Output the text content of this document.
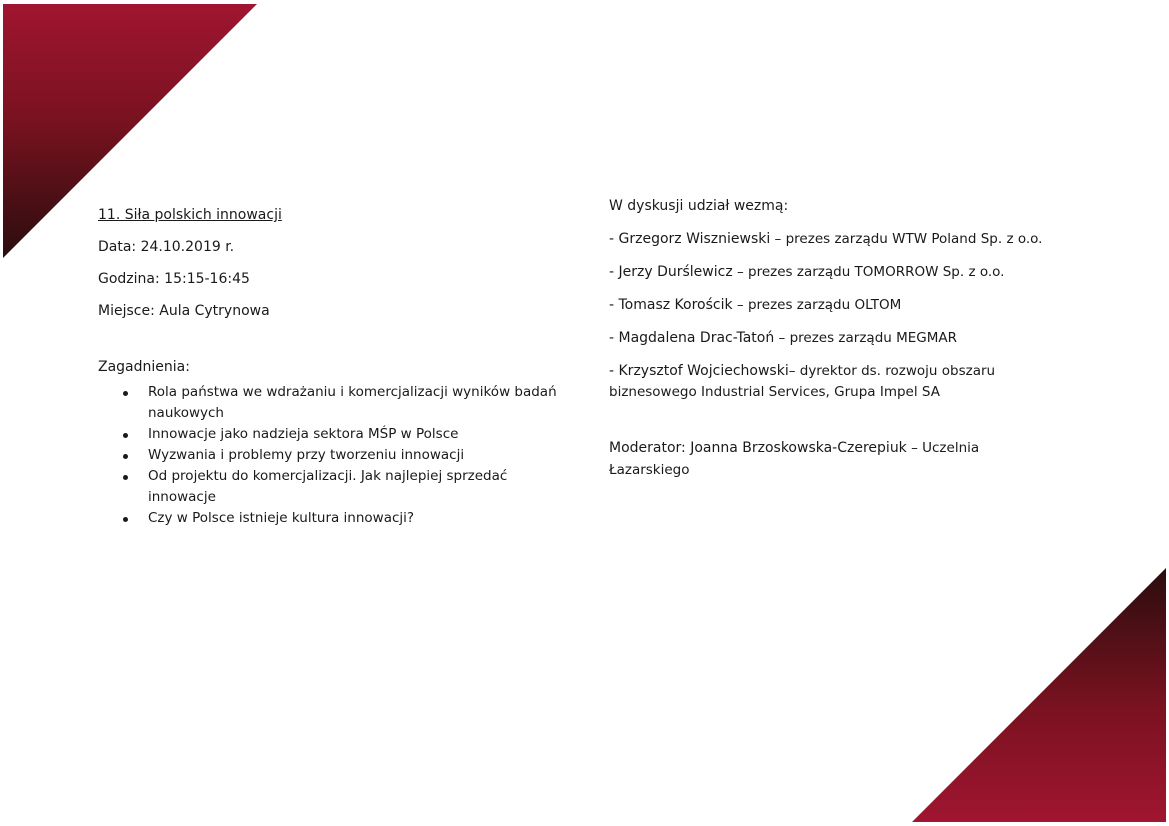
11. Siła polskich innowacji
Data: 24.10.2019 r.
Godzina: 15:15-16:45
Miejsce: Aula Cytrynowa
Zagadnienia:
Rola państwa we wdrażaniu i komercjalizacji wyników badań naukowych
Innowacje jako nadzieja sektora MŚP w Polsce
Wyzwania i problemy przy tworzeniu innowacji
Od projektu do komercjalizacji. Jak najlepiej sprzedać innowacje
Czy w Polsce istnieje kultura innowacji?
W dyskusji udział wezmą:
- Grzegorz Wiszniewski – prezes zarządu WTW Poland Sp. z o.o.
- Jerzy Durślewicz – prezes zarządu TOMORROW Sp. z o.o.
- Tomasz Korościk – prezes zarządu OLTOM
- Magdalena Drac-Tatoń – prezes zarządu MEGMAR
- Krzysztof Wojciechowski– dyrektor ds. rozwoju obszaru biznesowego Industrial Services, Grupa Impel SA
Moderator: Joanna Brzoskowska-Czerepiuk – Uczelnia Łazarskiego
